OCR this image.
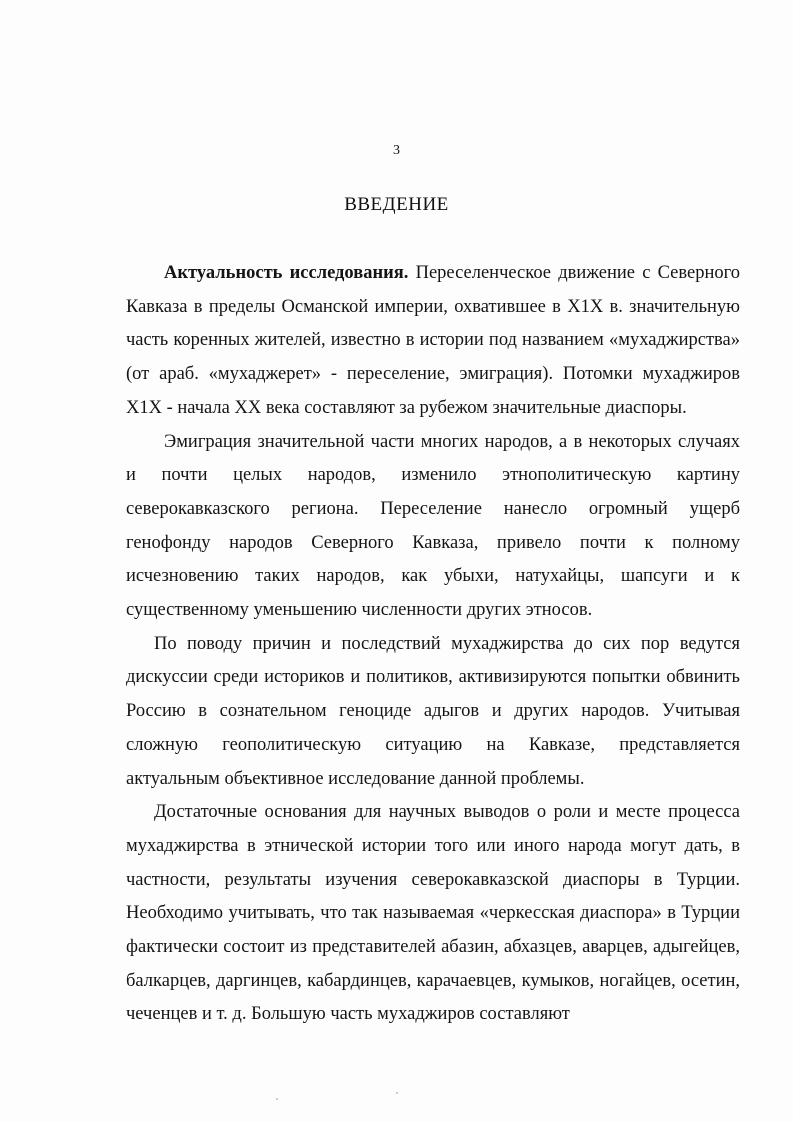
3
ВВЕДЕНИЕ

Актуальность исследования. Переселенческое движение с Северного Кавказа в пределы Османской империи, охватившее в Х1Х в. значительную часть коренных жителей, известно в истории под названием «мухаджирства» (от араб. «мухаджерет» - переселение, эмиграция). Потомки мухаджиров Х1Х - начала XX века составляют за рубежом значительные диаспоры.

Эмиграция значительной части многих народов, а в некоторых случаях и почти целых народов, изменило этнополитическую картину северокавказского региона. Переселение нанесло огромный ущерб генофонду народов Северного Кавказа, привело почти к полному исчезновению таких народов, как убыхи, натухайцы, шапсуги и к существенному уменьшению численности других этносов.

По поводу причин и последствий мухаджирства до сих пор ведутся дискуссии среди историков и политиков, активизируются попытки обвинить Россию в сознательном геноциде адыгов и других народов. Учитывая сложную геополитическую ситуацию на Кавказе, представляется актуальным объективное исследование данной проблемы.

Достаточные основания для научных выводов о роли и месте процесса мухаджирства в этнической истории того или иного народа могут дать, в частности, результаты изучения северокавказской диаспоры в Турции. Необходимо учитывать, что так называемая «черкесская диаспора» в Турции фактически состоит из представителей абазин, абхазцев, аварцев, адыгейцев, балкарцев, даргинцев, кабардинцев, карачаевцев, кумыков, ногайцев, осетин, чеченцев и т. д. Большую часть мухаджиров составляют
